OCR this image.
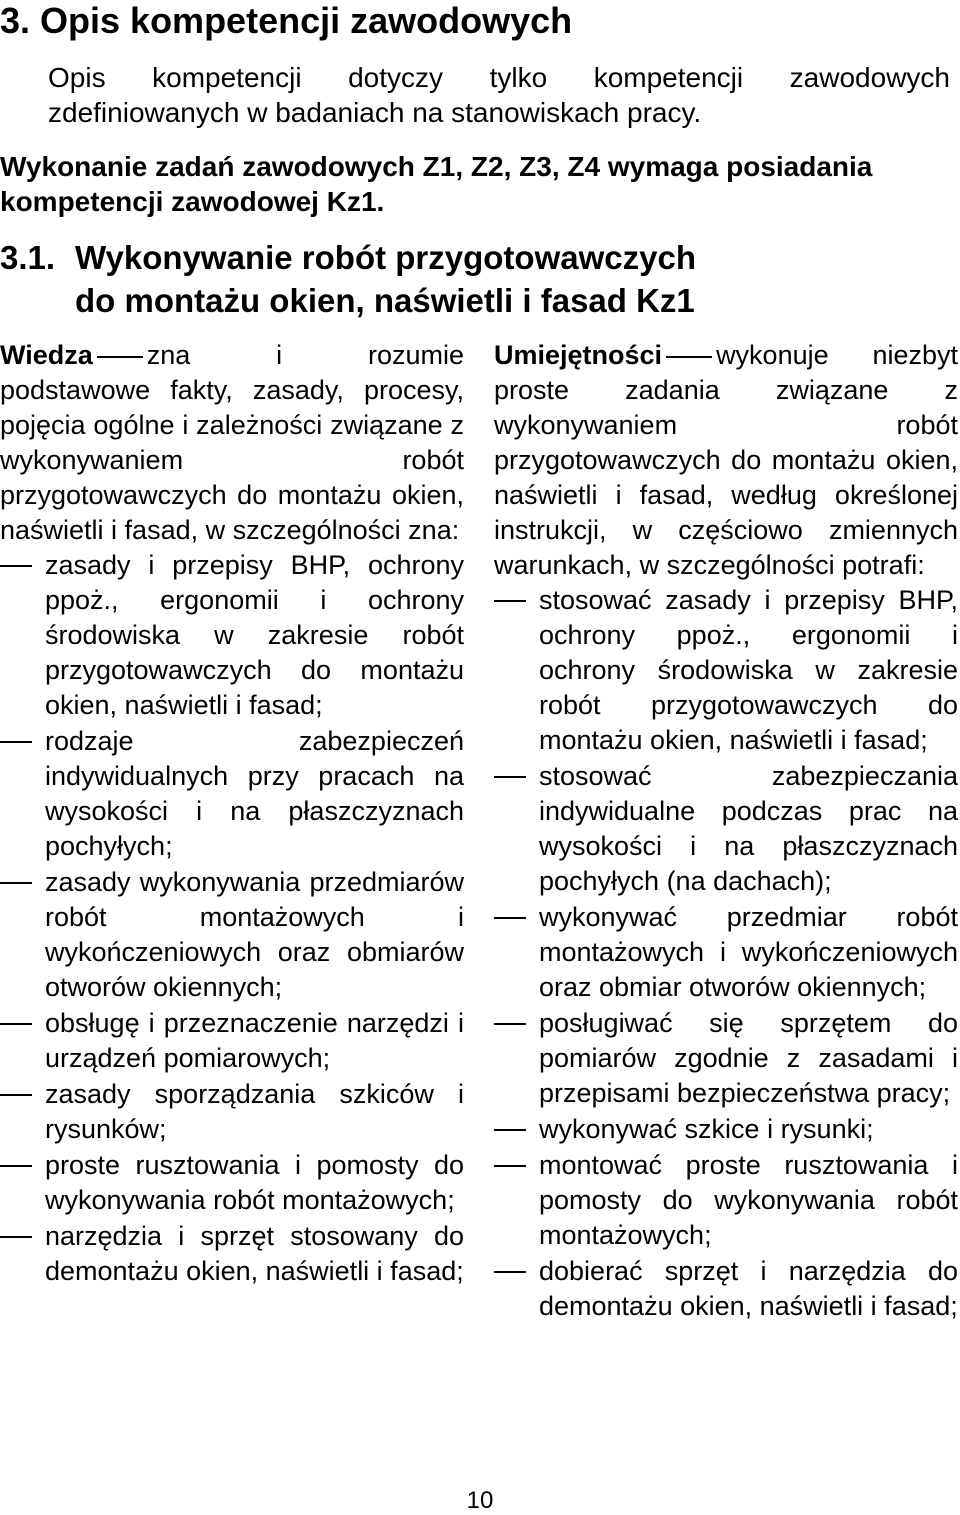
3. Opis kompetencji zawodowych

Opis kompetencji dotyczy tylko kompetencji zawodowych zdefiniowanych w badaniach na stanowiskach pracy.

Wykonanie zadań zawodowych Z1, Z2, Z3, Z4 wymaga posiadania kompetencji zawodowej Kz1.

3.1. Wykonywanie robót przygotowawczych
do montażu okien, naświetli i fasad Kz1

Wiedza zna i rozumie podstawowe fakty, zasady, procesy, pojęcia ogólne i zależności związane z wykonywaniem robót przygotowawczych do montażu okien, naświetli i fasad, w szczególności zna:

zasady i przepisy BHP, ochrony ppoż., ergonomii i ochrony środowiska w zakresie robót przygotowawczych do montażu okien, naświetli i fasad;
rodzaje zabezpieczeń indywidualnych przy pracach na wysokości i na płaszczyznach pochyłych;
zasady wykonywania przedmiarów robót montażowych i wykończeniowych oraz obmiarów otworów okiennych;
obsługę i przeznaczenie narzędzi i urządzeń pomiarowych;
zasady sporządzania szkiców i rysunków;
proste rusztowania i pomosty do wykonywania robót montażowych;
narzędzia i sprzęt stosowany do demontażu okien, naświetli i fasad;

Umiejętności wykonuje niezbyt proste zadania związane z wykonywaniem robót przygotowawczych do montażu okien, naświetli i fasad, według określonej instrukcji, w częściowo zmiennych warunkach, w szczególności potrafi:

stosować zasady i przepisy BHP, ochrony ppoż., ergonomii i ochrony środowiska w zakresie robót przygotowawczych do montażu okien, naświetli i fasad;
stosować zabezpieczania indywidualne podczas prac na wysokości i na płaszczyznach pochyłych (na dachach);
wykonywać przedmiar robót montażowych i wykończeniowych oraz obmiar otworów okiennych;
posługiwać się sprzętem do pomiarów zgodnie z zasadami i przepisami bezpieczeństwa pracy;
wykonywać szkice i rysunki;
montować proste rusztowania i pomosty do wykonywania robót montażowych;
dobierać sprzęt i narzędzia do demontażu okien, naświetli i fasad;
10
